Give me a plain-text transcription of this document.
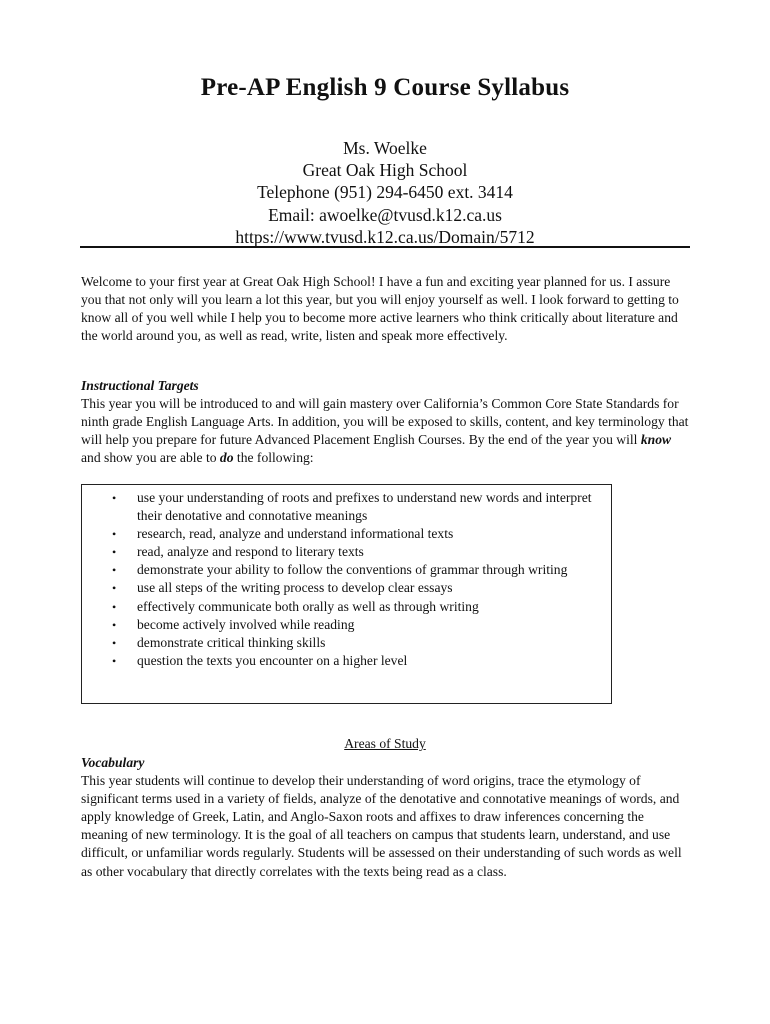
Pre-AP English 9 Course Syllabus
Ms. Woelke
Great Oak High School
Telephone (951) 294-6450 ext. 3414
Email: awoelke@tvusd.k12.ca.us
https://www.tvusd.k12.ca.us/Domain/5712
Welcome to your first year at Great Oak High School! I have a fun and exciting year planned for us. I assure you that not only will you learn a lot this year, but you will enjoy yourself as well. I look forward to getting to know all of you well while I help you to become more active learners who think critically about literature and the world around you, as well as read, write, listen and speak more effectively.
Instructional Targets
This year you will be introduced to and will gain mastery over California’s Common Core State Standards for ninth grade English Language Arts. In addition, you will be exposed to skills, content, and key terminology that will help you prepare for future Advanced Placement English Courses. By the end of the year you will know and show you are able to do the following:
• use your understanding of roots and prefixes to understand new words and interpret their denotative and connotative meanings
• research, read, analyze and understand informational texts
• read, analyze and respond to literary texts
• demonstrate your ability to follow the conventions of grammar through writing
• use all steps of the writing process to develop clear essays
• effectively communicate both orally as well as through writing
• become actively involved while reading
• demonstrate critical thinking skills
• question the texts you encounter on a higher level
Areas of Study
Vocabulary
This year students will continue to develop their understanding of word origins, trace the etymology of significant terms used in a variety of fields, analyze of the denotative and connotative meanings of words, and apply knowledge of Greek, Latin, and Anglo-Saxon roots and affixes to draw inferences concerning the meaning of new terminology. It is the goal of all teachers on campus that students learn, understand, and use difficult, or unfamiliar words regularly. Students will be assessed on their understanding of such words as well as other vocabulary that directly correlates with the texts being read as a class.
